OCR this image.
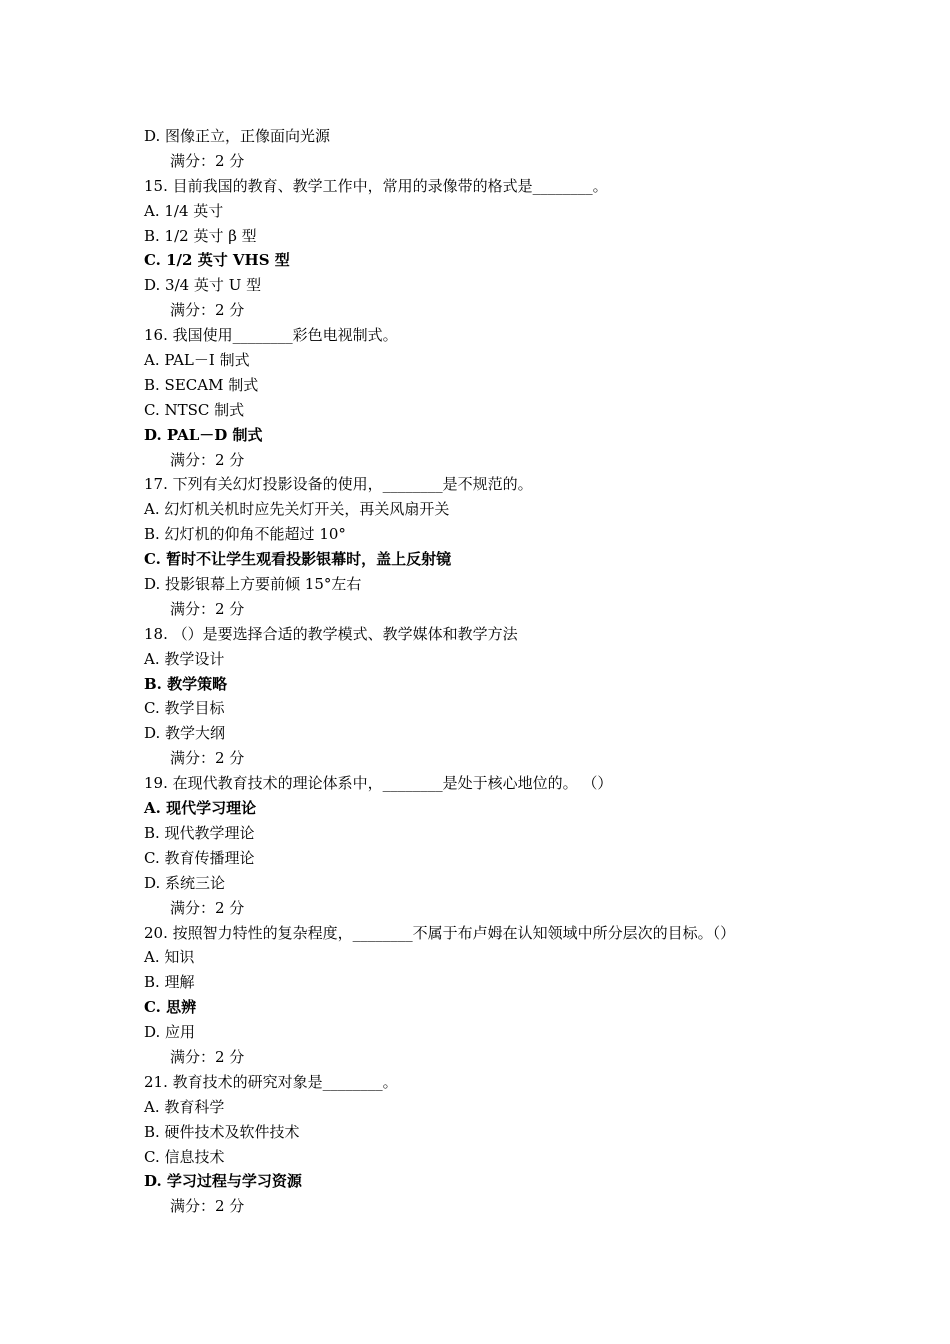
D. 图像正立，正像面向光源
满分：2 分
15. 目前我国的教育、教学工作中，常用的录像带的格式是________。
A. 1/4 英寸
B. 1/2 英寸 β 型
C. 1/2 英寸 VHS 型
D. 3/4 英寸 U 型
满分：2 分
16. 我国使用________彩色电视制式。
A. PAL－I 制式
B. SECAM 制式
C. NTSC 制式
D. PAL－D 制式
满分：2 分
17. 下列有关幻灯投影设备的使用，________是不规范的。
A. 幻灯机关机时应先关灯开关，再关风扇开关
B. 幻灯机的仰角不能超过 10°
C. 暂时不让学生观看投影银幕时，盖上反射镜
D. 投影银幕上方要前倾 15°左右
满分：2 分
18. （）是要选择合适的教学模式、教学媒体和教学方法
A. 教学设计
B. 教学策略
C. 教学目标
D. 教学大纲
满分：2 分
19. 在现代教育技术的理论体系中，________是处于核心地位的。 （）
A. 现代学习理论
B. 现代教学理论
C. 教育传播理论
D. 系统三论
满分：2 分
20. 按照智力特性的复杂程度，________不属于布卢姆在认知领域中所分层次的目标。（）
A. 知识
B. 理解
C. 思辨
D. 应用
满分：2 分
21. 教育技术的研究对象是________。
A. 教育科学
B. 硬件技术及软件技术
C. 信息技术
D. 学习过程与学习资源
满分：2 分
